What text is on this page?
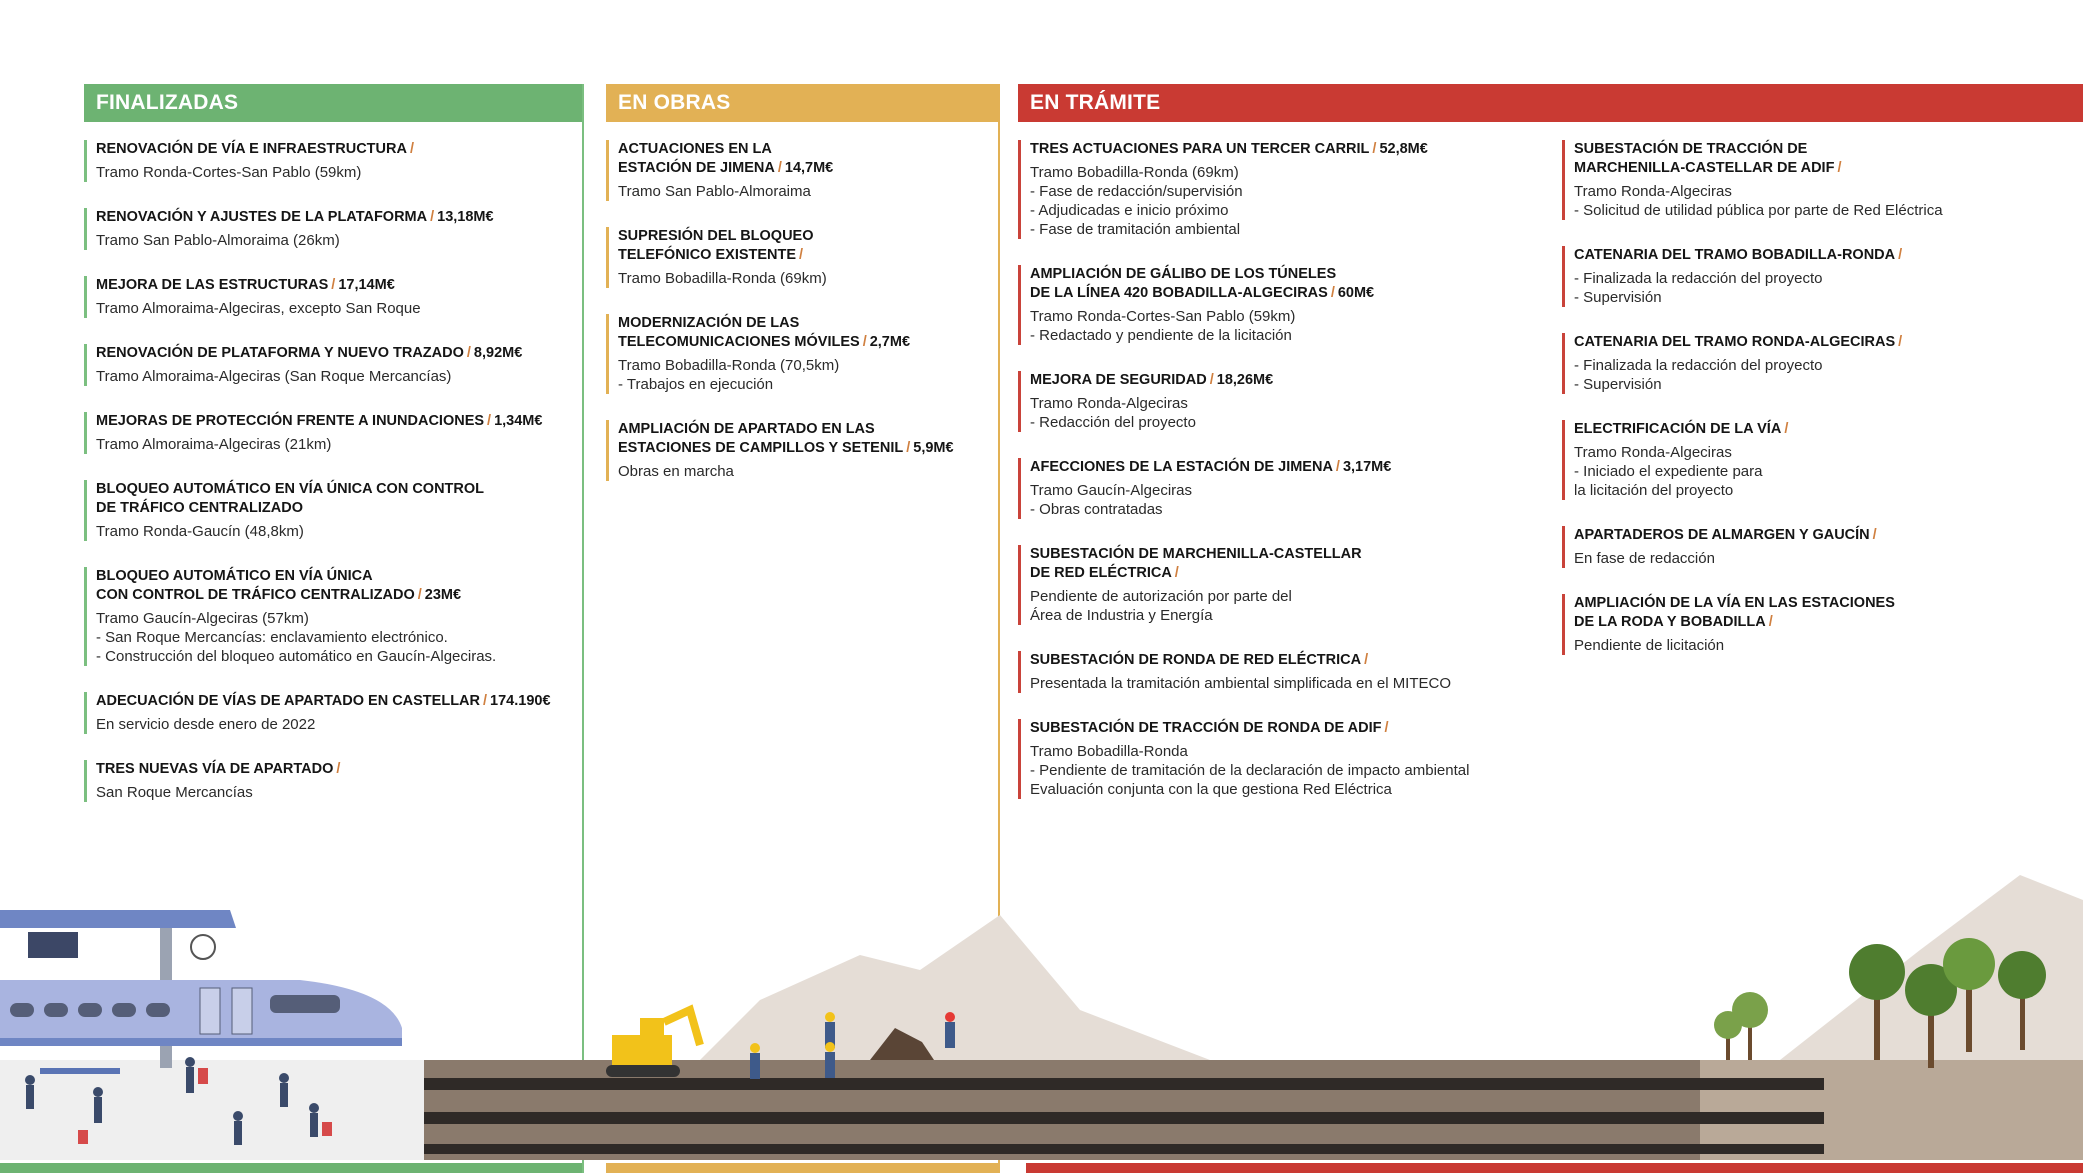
FINALIZADAS
RENOVACIÓN DE VÍA E INFRAESTRUCTURA /
Tramo Ronda-Cortes-San Pablo (59km)
RENOVACIÓN Y AJUSTES DE LA PLATAFORMA / 13,18M€
Tramo San Pablo-Almoraima (26km)
MEJORA DE LAS ESTRUCTURAS / 17,14M€
Tramo Almoraima-Algeciras, excepto San Roque
RENOVACIÓN DE PLATAFORMA Y NUEVO TRAZADO / 8,92M€
Tramo Almoraima-Algeciras (San Roque Mercancías)
MEJORAS DE PROTECCIÓN FRENTE A INUNDACIONES / 1,34M€
Tramo Almoraima-Algeciras (21km)
BLOQUEO AUTOMÁTICO EN VÍA ÚNICA CON CONTROL
DE TRÁFICO CENTRALIZADO
Tramo Ronda-Gaucín (48,8km)
BLOQUEO AUTOMÁTICO EN VÍA ÚNICA
CON CONTROL DE TRÁFICO CENTRALIZADO / 23M€
Tramo Gaucín-Algeciras (57km)
- San Roque Mercancías: enclavamiento electrónico.
- Construcción del bloqueo automático en Gaucín-Algeciras.
ADECUACIÓN DE VÍAS DE APARTADO EN CASTELLAR / 174.190€
En servicio desde enero de 2022
TRES NUEVAS VÍA DE APARTADO /
San Roque Mercancías
EN OBRAS
ACTUACIONES EN LA
ESTACIÓN DE JIMENA / 14,7M€
Tramo San Pablo-Almoraima
SUPRESIÓN DEL BLOQUEO
TELEFÓNICO EXISTENTE /
Tramo Bobadilla-Ronda (69km)
MODERNIZACIÓN DE LAS
TELECOMUNICACIONES MÓVILES / 2,7M€
Tramo Bobadilla-Ronda (70,5km)
- Trabajos en ejecución
AMPLIACIÓN DE APARTADO EN LAS
ESTACIONES DE CAMPILLOS Y SETENIL / 5,9M€
Obras en marcha
EN TRÁMITE
TRES ACTUACIONES PARA UN TERCER CARRIL / 52,8M€
Tramo Bobadilla-Ronda (69km)
- Fase de redacción/supervisión
- Adjudicadas e inicio próximo
- Fase de tramitación ambiental
AMPLIACIÓN DE GÁLIBO DE LOS TÚNELES
DE LA LÍNEA 420 BOBADILLA-ALGECIRAS / 60M€
Tramo Ronda-Cortes-San Pablo (59km)
- Redactado y pendiente de la licitación
MEJORA DE SEGURIDAD / 18,26M€
Tramo Ronda-Algeciras
- Redacción del proyecto
AFECCIONES DE LA ESTACIÓN DE JIMENA / 3,17M€
Tramo Gaucín-Algeciras
- Obras contratadas
SUBESTACIÓN DE MARCHENILLA-CASTELLAR
DE RED ELÉCTRICA /
Pendiente de autorización por parte del
Área de Industria y Energía
SUBESTACIÓN DE RONDA DE RED ELÉCTRICA /
Presentada la tramitación ambiental simplificada en el MITECO
SUBESTACIÓN DE TRACCIÓN DE RONDA DE ADIF /
Tramo Bobadilla-Ronda
- Pendiente de tramitación de la declaración de impacto ambiental
Evaluación conjunta con la que gestiona Red Eléctrica
SUBESTACIÓN DE TRACCIÓN DE
MARCHENILLA-CASTELLAR DE ADIF /
Tramo Ronda-Algeciras
- Solicitud de utilidad pública por parte de Red Eléctrica
CATENARIA DEL TRAMO BOBADILLA-RONDA /
- Finalizada la redacción del proyecto
- Supervisión
CATENARIA DEL TRAMO RONDA-ALGECIRAS /
- Finalizada la redacción del proyecto
- Supervisión
ELECTRIFICACIÓN DE LA VÍA /
Tramo Ronda-Algeciras
- Iniciado el expediente para
la licitación del proyecto
APARTADEROS DE ALMARGEN Y GAUCÍN /
En fase de redacción
AMPLIACIÓN DE LA VÍA EN LAS ESTACIONES
DE LA RODA Y BOBADILLA /
Pendiente de licitación
